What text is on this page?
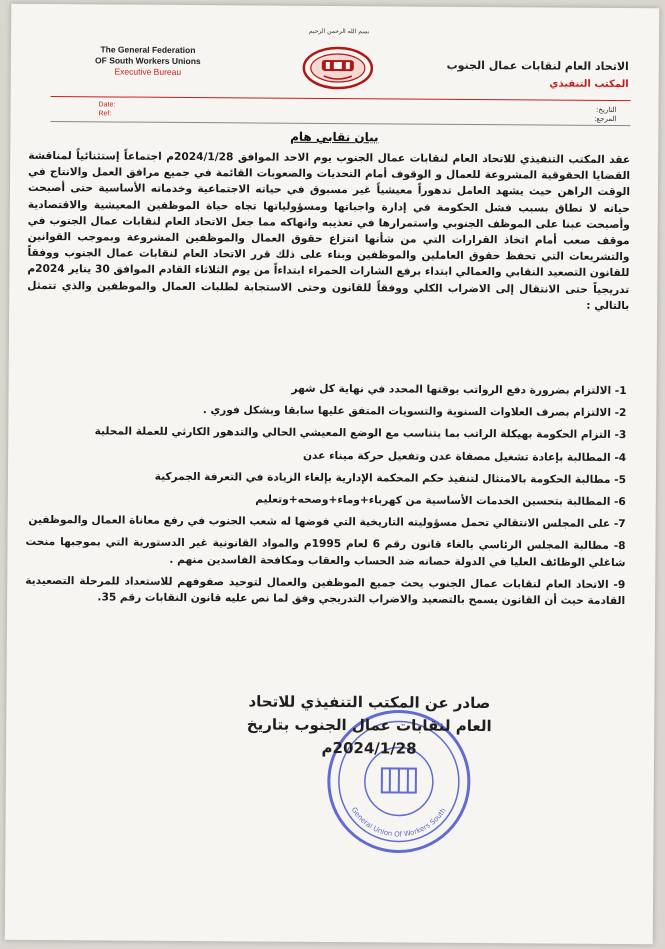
بسم الله الرحمن الرحيم
The General Federation
OF South Workers Unions
Executive Bureau	الاتحاد العام لنقابات عمال الجنوب
المكتب التنفيذي
Date:
Ref:	التاريخ:
المرجع:
بيان نقابي هام

عقد المكتب التنفيذي للاتحاد العام لنقابات عمال الجنوب يوم الاحد الموافق 2024/1/28م اجتماعاً إستثنائياً لمناقشة القضايا الحقوقية المشروعة للعمال و الوقوف أمام التحديات والصعوبات القائمة في جميع مرافق العمل والانتاج في الوقت الراهن حيث يشهد العامل تدهوراً معيشياً غير مسبوق في حياته الاجتماعية وخدماته الأساسية حتى أصبحت حياته لا تطاق بسبب فشل الحكومة في إدارة واجباتها ومسؤولياتها تجاه حياة الموظفين المعيشية والاقتصادية وأصبحت عبنا على الموظف الجنوبي واستمرارها في تعذيبه وانهاكه مما جعل الاتحاد العام لنقابات عمال الجنوب في موقف صعب أمام اتخاذ القرارات التي من شأنها انتزاع حقوق العمال والموظفين المشروعة وبموجب القوانين والتشريعات التي تحفظ حقوق العاملين والموظفين وبناء على ذلك قرر الاتحاد العام لنقابات عمال الجنوب ووفقاً للقانون التصعيد النقابي والعمالي ابتداء برفع الشارات الحمراء ابتداءاً من يوم الثلاثاء القادم الموافق 30 يناير 2024م تدريجياً حتى الانتقال إلى الاضراب الكلي ووفقاً للقانون وحتى الاستجابة لطلبات العمال والموظفين والذي تتمثل بالتالي :

1- الالتزام بضرورة دفع الرواتب بوقتها المحدد في نهاية كل شهر
2- الالتزام بصرف العلاوات السنوية والتسويات المتفق عليها سابقا وبشكل فوري .
3- التزام الحكومة بهيكلة الراتب بما يتناسب مع الوضع المعيشي الحالي والتدهور الكارثي للعملة المحلية
4- المطالبة بإعادة تشغيل مصفاة عدن وتفعيل حركة ميناء عدن
5- مطالبة الحكومة بالامتثال لتنفيذ حكم المحكمة الإدارية بإلغاء الزيادة في التعرفة الجمركية
6- المطالبة بتحسين الخدمات الأساسية من كهرباء+وماء+وصحه+وتعليم
7- على المجلس الانتقالي تحمل مسؤوليته التاريخية التي فوضها له شعب الجنوب في رفع معاناة العمال والموظفين
8- مطالبة المجلس الرئاسي بالغاء قانون رقم 6 لعام 1995م والمواد القانونية غير الدستورية التي بموجبها منحت شاغلي الوظائف العليا في الدولة حصانه ضد الحساب والعقاب ومكافحة الفاسدين منهم .
9- الاتحاد العام لنقابات عمال الجنوب يحث جميع الموظفين والعمال لتوحيد صفوفهم للاستعداد للمرحلة التصعيدية القادمة حيث أن القانون يسمح بالتصعيد والاضراب التدريجي وفق لما نص عليه قانون النقابات رقم 35.
General Union Of Workers South
صادر عن المكتب التنفيذي للاتحاد
العام لنقابات عمال الجنوب بتاريخ 2024/1/28م
